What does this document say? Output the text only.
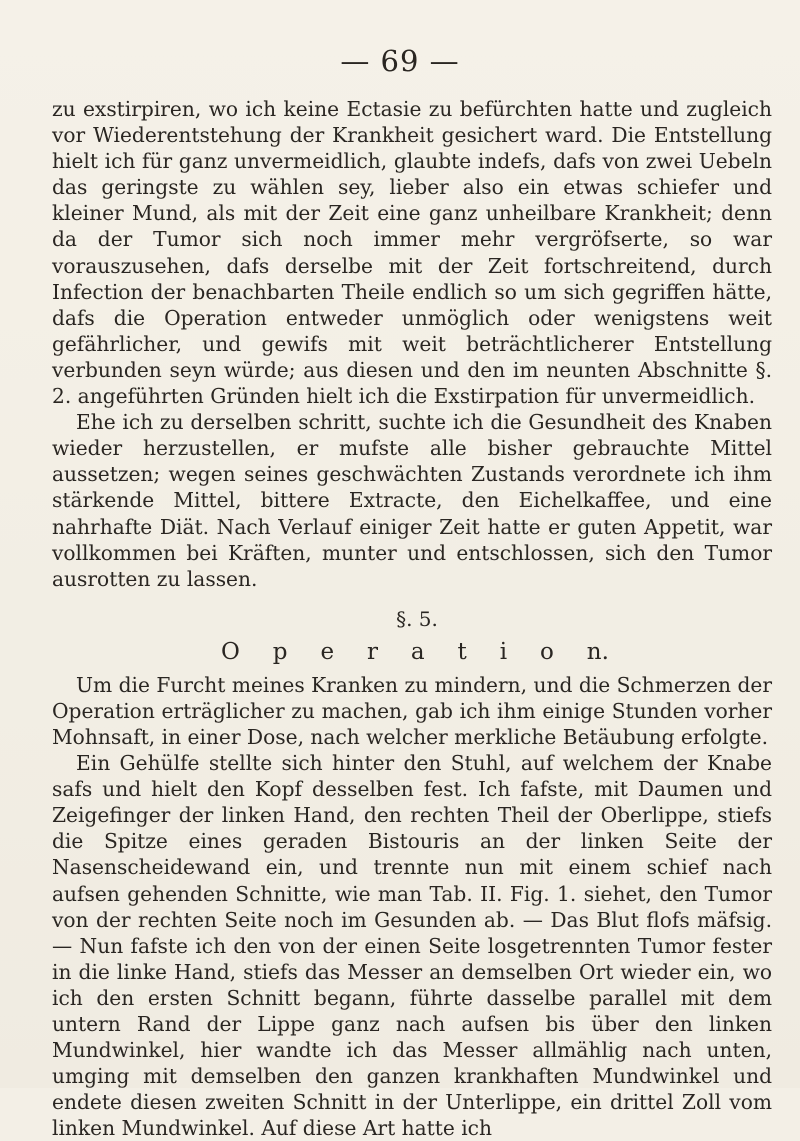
— 69 —

zu exstirpiren, wo ich keine Ectasie zu befürchten hatte und zugleich vor Wiederentstehung der Krankheit gesichert ward. Die Entstellung hielt ich für ganz unvermeidlich, glaubte indefs, dafs von zwei Uebeln das geringste zu wählen sey, lieber also ein etwas schiefer und kleiner Mund, als mit der Zeit eine ganz unheilbare Krankheit; denn da der Tumor sich noch immer mehr vergröfserte, so war vorauszusehen, dafs derselbe mit der Zeit fortschreitend, durch Infection der benachbarten Theile endlich so um sich gegriffen hätte, dafs die Operation entweder unmöglich oder wenigstens weit gefährlicher, und gewifs mit weit beträchtlicherer Entstellung verbunden seyn würde; aus diesen und den im neunten Abschnitte §. 2. angeführten Gründen hielt ich die Exstirpation für unvermeidlich.

Ehe ich zu derselben schritt, suchte ich die Gesundheit des Knaben wieder herzustellen, er mufste alle bisher gebrauchte Mittel aussetzen; wegen seines geschwächten Zustands verordnete ich ihm stärkende Mittel, bittere Extracte, den Eichelkaffee, und eine nahrhafte Diät. Nach Verlauf einiger Zeit hatte er guten Appetit, war vollkommen bei Kräften, munter und entschlossen, sich den Tumor ausrotten zu lassen.

§. 5.
O p e r a t i o n.

Um die Furcht meines Kranken zu mindern, und die Schmerzen der Operation erträglicher zu machen, gab ich ihm einige Stunden vorher Mohnsaft, in einer Dose, nach welcher merkliche Betäubung erfolgte.

Ein Gehülfe stellte sich hinter den Stuhl, auf welchem der Knabe safs und hielt den Kopf desselben fest. Ich fafste, mit Daumen und Zeigefinger der linken Hand, den rechten Theil der Oberlippe, stiefs die Spitze eines geraden Bistouris an der linken Seite der Nasenscheidewand ein, und trennte nun mit einem schief nach aufsen gehenden Schnitte, wie man Tab. II. Fig. 1. siehet, den Tumor von der rechten Seite noch im Gesunden ab. — Das Blut flofs mäfsig. — Nun fafste ich den von der einen Seite losgetrennten Tumor fester in die linke Hand, stiefs das Messer an demselben Ort wieder ein, wo ich den ersten Schnitt begann, führte dasselbe parallel mit dem untern Rand der Lippe ganz nach aufsen bis über den linken Mundwinkel, hier wandte ich das Messer allmählig nach unten, umging mit demselben den ganzen krankhaften Mundwinkel und endete diesen zweiten Schnitt in der Unterlippe, ein drittel Zoll vom linken Mundwinkel. Auf diese Art hatte ich
